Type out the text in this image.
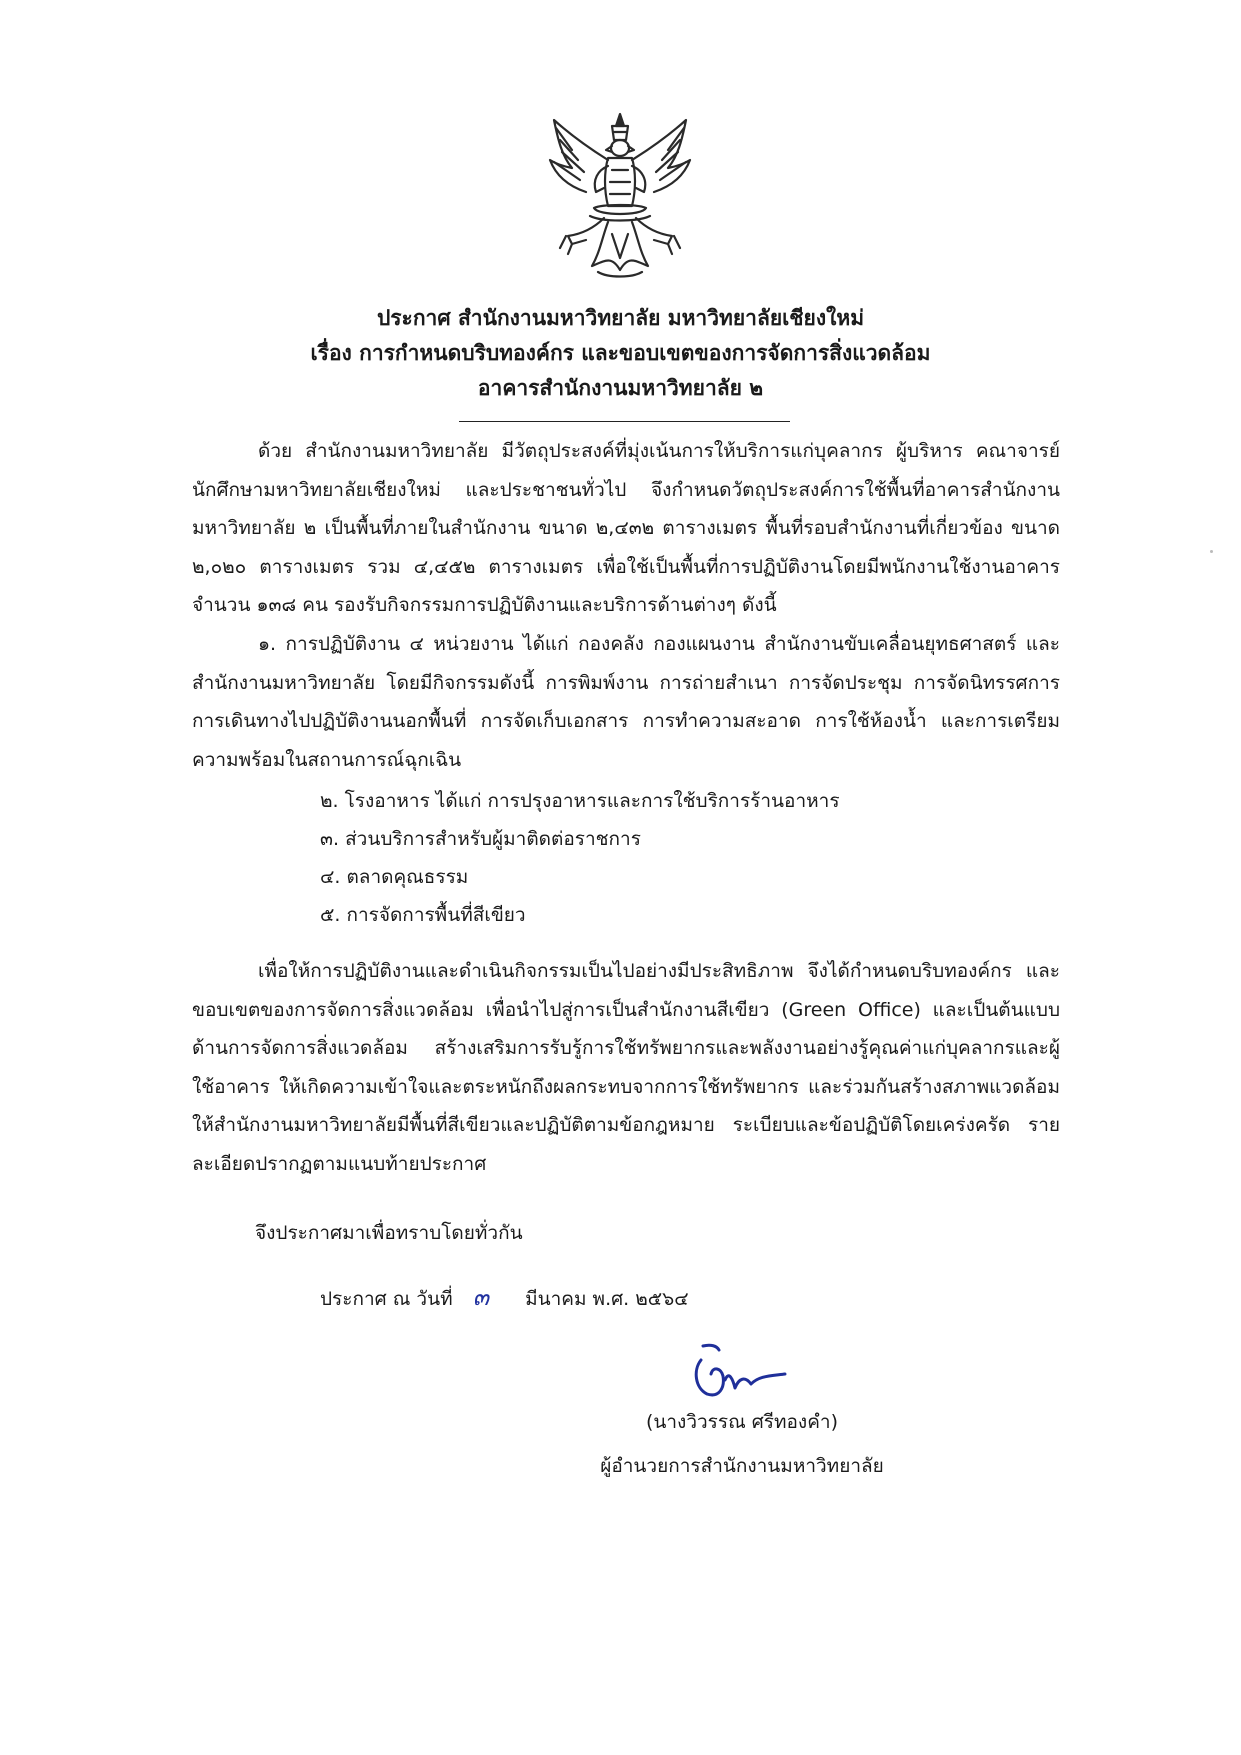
ประกาศ สำนักงานมหาวิทยาลัย มหาวิทยาลัยเชียงใหม่
เรื่อง การกำหนดบริบทองค์กร และขอบเขตของการจัดการสิ่งแวดล้อม
อาคารสำนักงานมหาวิทยาลัย ๒

ด้วย สำนักงานมหาวิทยาลัย มีวัตถุประสงค์ที่มุ่งเน้นการให้บริการแก่บุคลากร ผู้บริหาร คณาจารย์ นักศึกษามหาวิทยาลัยเชียงใหม่ และประชาชนทั่วไป จึงกำหนดวัตถุประสงค์การใช้พื้นที่อาคารสำนักงานมหาวิทยาลัย ๒ เป็นพื้นที่ภายในสำนักงาน ขนาด ๒,๔๓๒ ตารางเมตร พื้นที่รอบสำนักงานที่เกี่ยวข้อง ขนาด ๒,๐๒๐ ตารางเมตร รวม ๔,๔๕๒ ตารางเมตร เพื่อใช้เป็นพื้นที่การปฏิบัติงานโดยมีพนักงานใช้งานอาคาร จำนวน ๑๓๘ คน รองรับกิจกรรมการปฏิบัติงานและบริการด้านต่างๆ ดังนี้

๑. การปฏิบัติงาน ๔ หน่วยงาน ได้แก่ กองคลัง กองแผนงาน สำนักงานขับเคลื่อนยุทธศาสตร์ และสำนักงานมหาวิทยาลัย โดยมีกิจกรรมดังนี้ การพิมพ์งาน การถ่ายสำเนา การจัดประชุม การจัดนิทรรศการ การเดินทางไปปฏิบัติงานนอกพื้นที่ การจัดเก็บเอกสาร การทำความสะอาด การใช้ห้องน้ำ และการเตรียมความพร้อมในสถานการณ์ฉุกเฉิน

๒. โรงอาหาร ได้แก่ การปรุงอาหารและการใช้บริการร้านอาหาร
๓. ส่วนบริการสำหรับผู้มาติดต่อราชการ
๔. ตลาดคุณธรรม
๕. การจัดการพื้นที่สีเขียว

เพื่อให้การปฏิบัติงานและดำเนินกิจกรรมเป็นไปอย่างมีประสิทธิภาพ จึงได้กำหนดบริบทองค์กร และขอบเขตของการจัดการสิ่งแวดล้อม เพื่อนำไปสู่การเป็นสำนักงานสีเขียว (Green Office) และเป็นต้นแบบด้านการจัดการสิ่งแวดล้อม สร้างเสริมการรับรู้การใช้ทรัพยากรและพลังงานอย่างรู้คุณค่าแก่บุคลากรและผู้ใช้อาคาร ให้เกิดความเข้าใจและตระหนักถึงผลกระทบจากการใช้ทรัพยากร และร่วมกันสร้างสภาพแวดล้อมให้สำนักงานมหาวิทยาลัยมีพื้นที่สีเขียวและปฏิบัติตามข้อกฎหมาย ระเบียบและข้อปฏิบัติโดยเคร่งครัด รายละเอียดปรากฏตามแนบท้ายประกาศ

จึงประกาศมาเพื่อทราบโดยทั่วกัน
ประกาศ ณ วันที่ ๓ มีนาคม พ.ศ. ๒๕๖๔
(นางวิวรรณ ศรีทองคำ)
ผู้อำนวยการสำนักงานมหาวิทยาลัย
